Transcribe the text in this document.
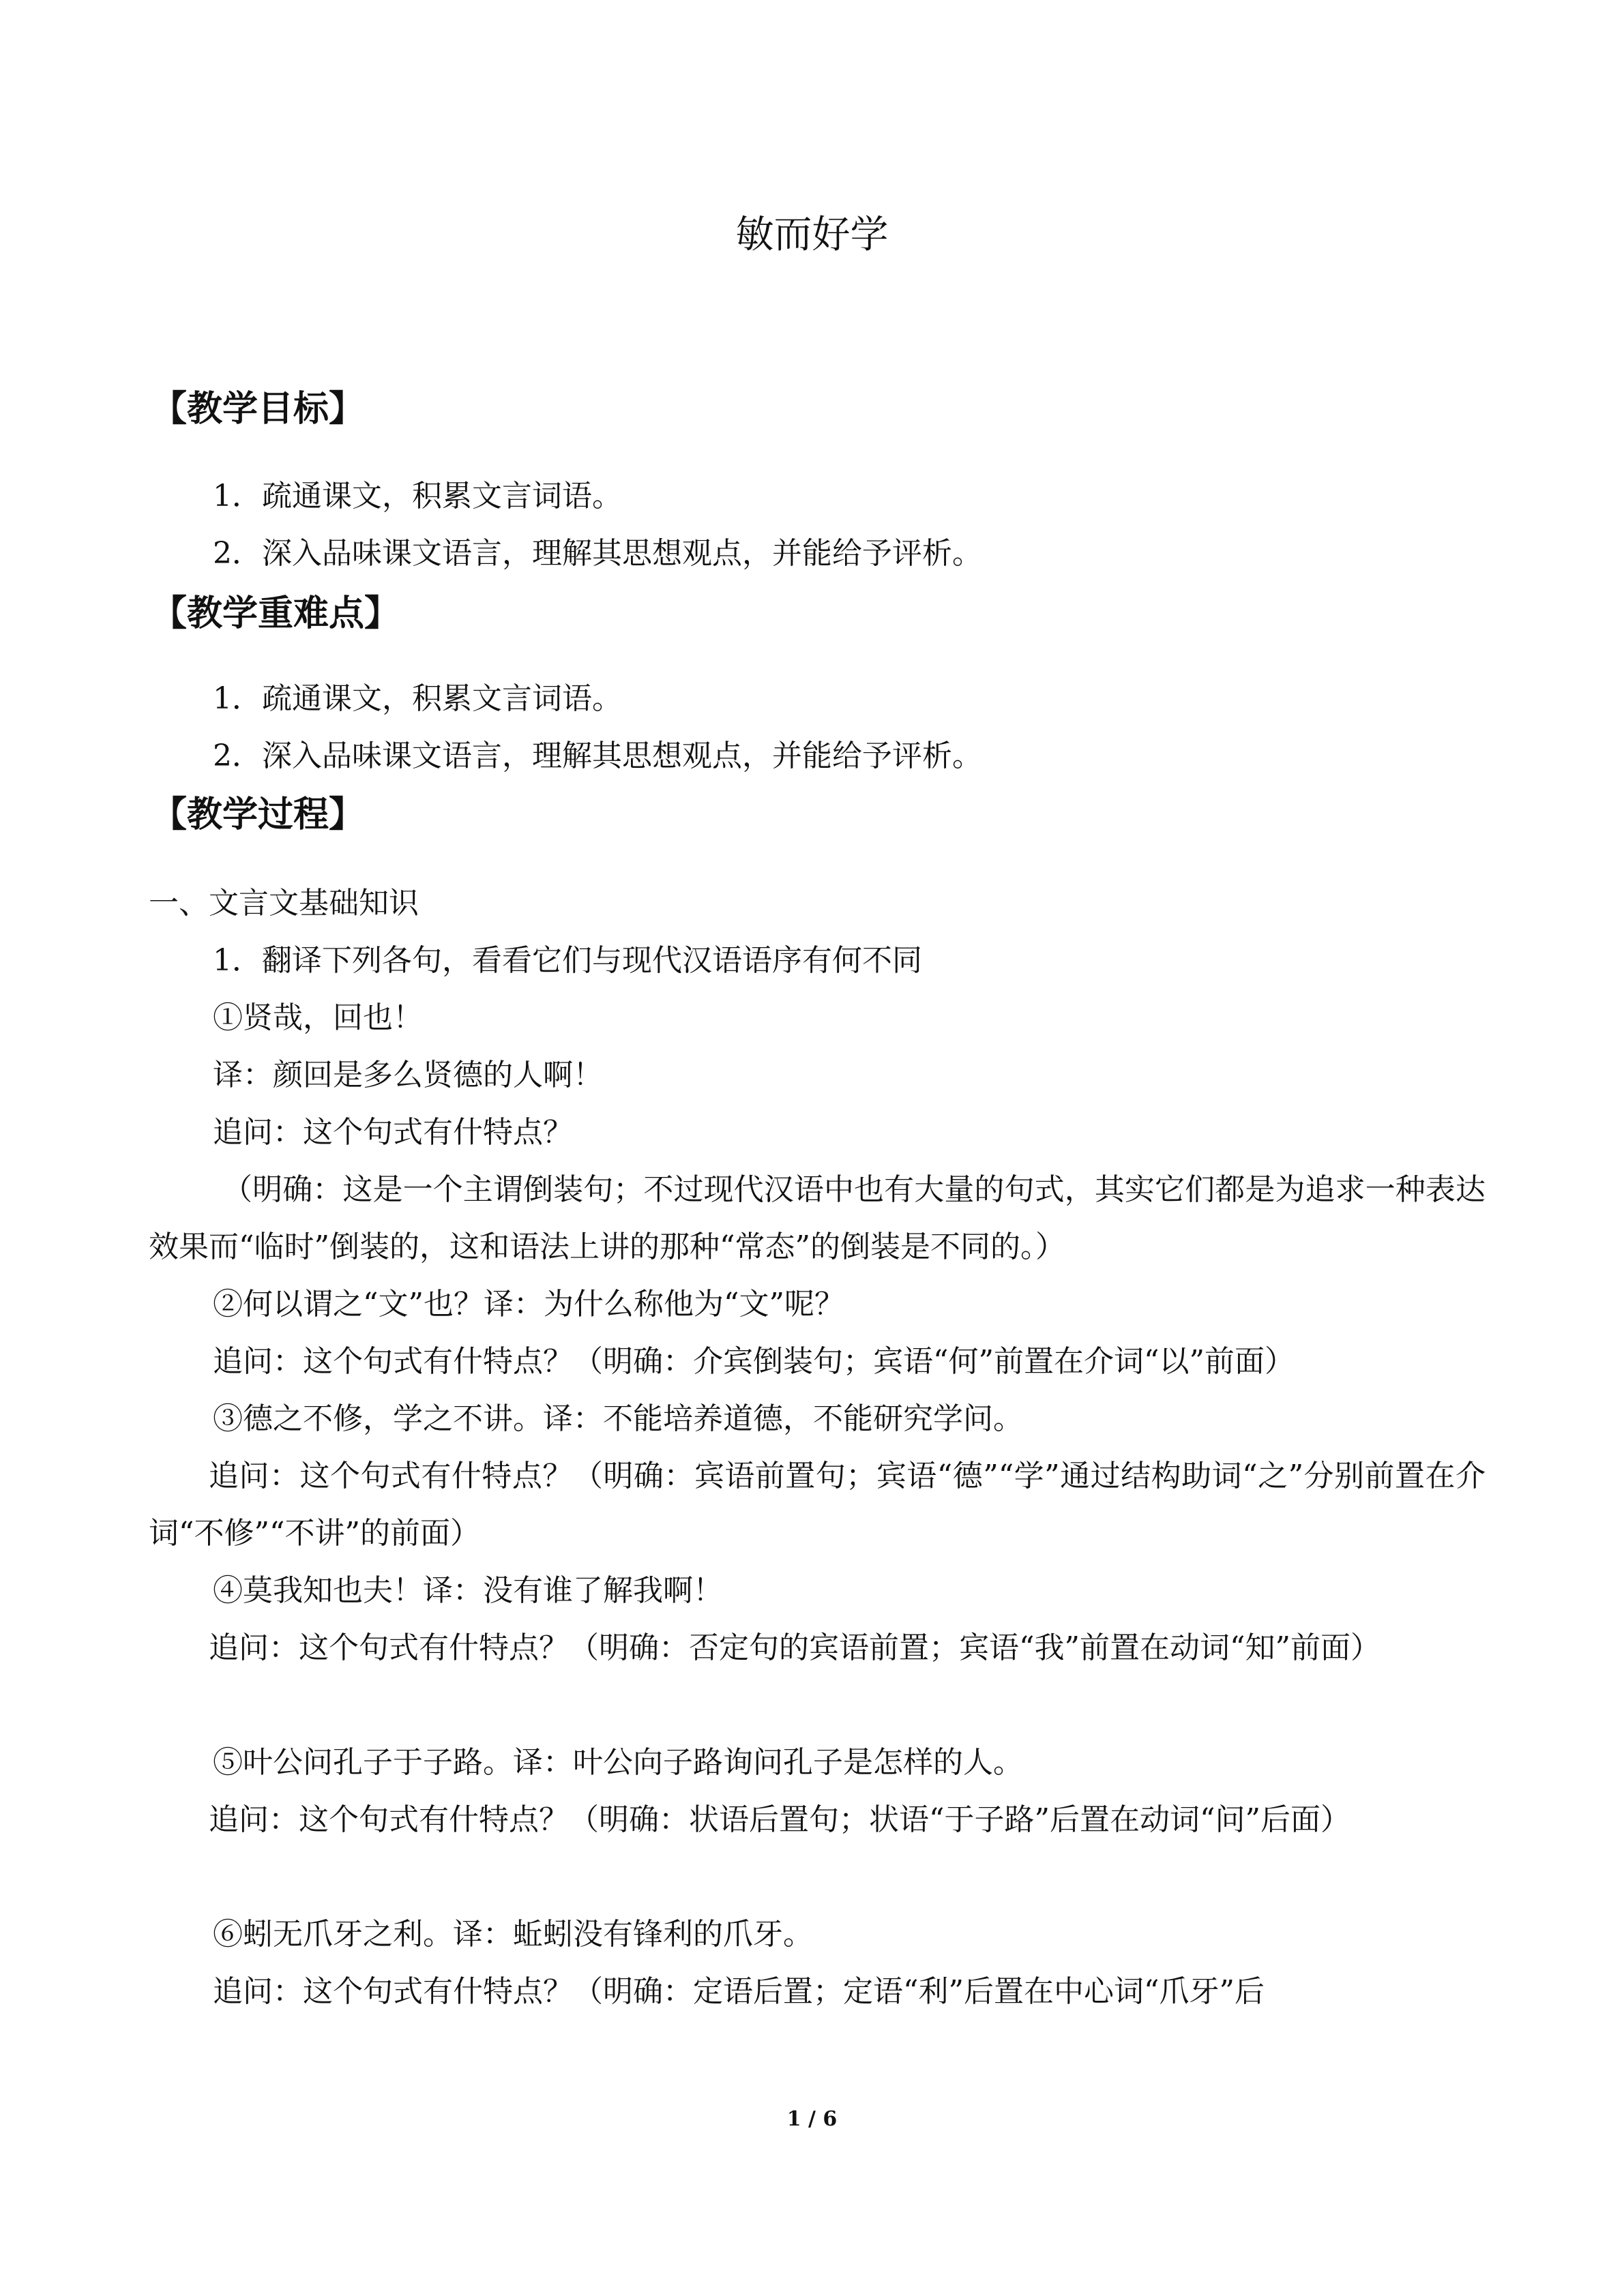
敏而好学
【教学目标】
1．疏通课文，积累文言词语。
2．深入品味课文语言，理解其思想观点，并能给予评析。
【教学重难点】
1．疏通课文，积累文言词语。
2．深入品味课文语言，理解其思想观点，并能给予评析。
【教学过程】
一、文言文基础知识
1．翻译下列各句，看看它们与现代汉语语序有何不同
①贤哉，回也！
译：颜回是多么贤德的人啊！
追问：这个句式有什特点？
（明确：这是一个主谓倒装句；不过现代汉语中也有大量的句式，其实它们都是为追求一种表达效果而“临时”倒装的，这和语法上讲的那种“常态”的倒装是不同的。）
②何以谓之“文”也？译：为什么称他为“文”呢？
追问：这个句式有什特点？（明确：介宾倒装句；宾语“何”前置在介词“以”前面）
③德之不修，学之不讲。译：不能培养道德，不能研究学问。
追问：这个句式有什特点？（明确：宾语前置句；宾语“德”“学”通过结构助词“之”分别前置在介词“不修”“不讲”的前面）
④莫我知也夫！译：没有谁了解我啊！
追问：这个句式有什特点？（明确：否定句的宾语前置；宾语“我”前置在动词“知”前面）
⑤叶公问孔子于子路。译：叶公向子路询问孔子是怎样的人。
追问：这个句式有什特点？（明确：状语后置句；状语“于子路”后置在动词“问”后面）
⑥蚓无爪牙之利。译：蚯蚓没有锋利的爪牙。
追问：这个句式有什特点？（明确：定语后置；定语“利”后置在中心词“爪牙”后
1 / 6
